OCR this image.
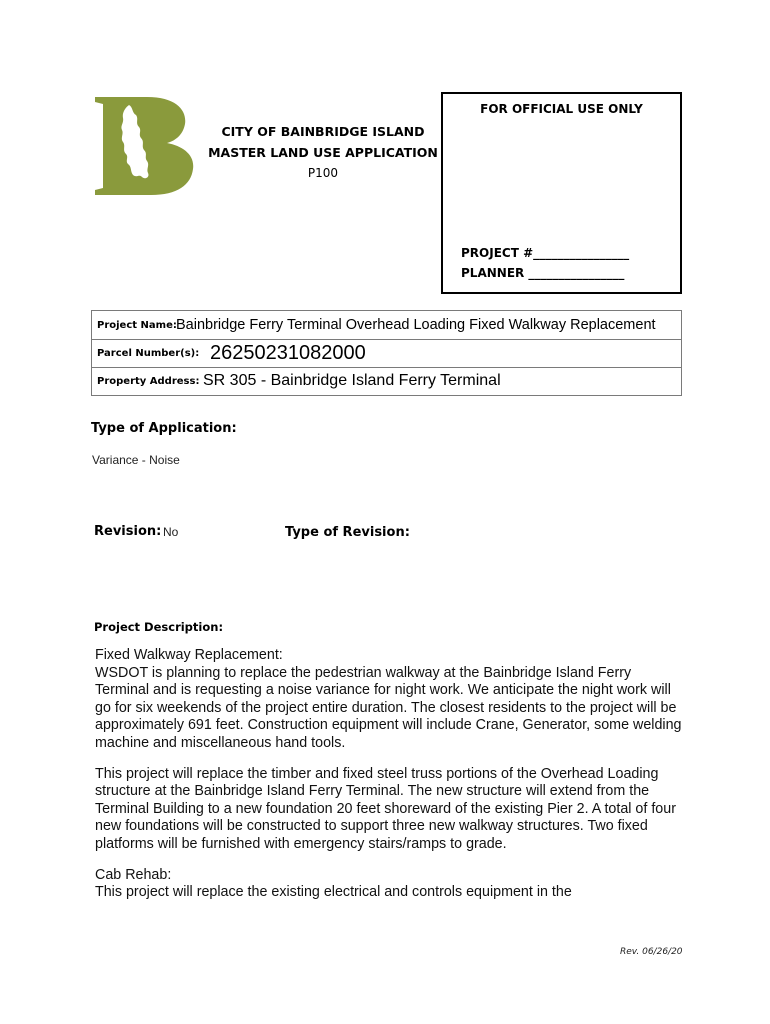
CITY OF BAINBRIDGE ISLAND
MASTER LAND USE APPLICATION
P100
FOR OFFICIAL USE ONLY
PROJECT #________________
PLANNER ________________
Project Name: Bainbridge Ferry Terminal Overhead Loading Fixed Walkway Replacement
Parcel Number(s): 26250231082000
Property Address: SR 305 - Bainbridge Island Ferry Terminal
Type of Application:
Variance - Noise
Revision: No	Type of Revision:
Project Description:

Fixed Walkway Replacement:
WSDOT is planning to replace the pedestrian walkway at the Bainbridge Island Ferry Terminal and is requesting a noise variance for night work. We anticipate the night work will go for six weekends of the project entire duration. The closest residents to the project will be approximately 691 feet. Construction equipment will include Crane, Generator, some welding machine and miscellaneous hand tools.

This project will replace the timber and fixed steel truss portions of the Overhead Loading structure at the Bainbridge Island Ferry Terminal. The new structure will extend from the Terminal Building to a new foundation 20 feet shoreward of the existing Pier 2. A total of four new foundations will be constructed to support three new walkway structures. Two fixed platforms will be furnished with emergency stairs/ramps to grade.

Cab Rehab:
This project will replace the existing electrical and controls equipment in the

Rev. 06/26/20
